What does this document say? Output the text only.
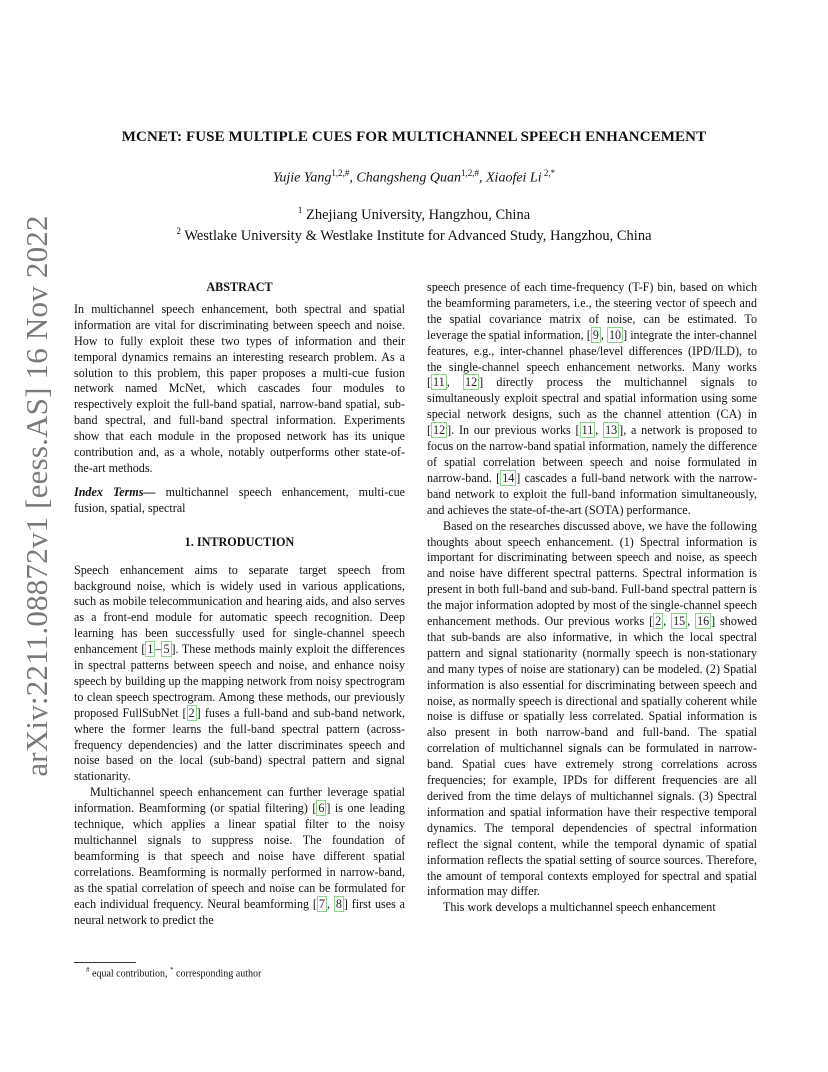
arXiv:2211.08872v1 [eess.AS] 16 Nov 2022
MCNET: FUSE MULTIPLE CUES FOR MULTICHANNEL SPEECH ENHANCEMENT
Yujie Yang$^{1,2,\#}$, Changsheng Quan$^{1,2,\#}$, Xiaofei Li $^{2,*}$
$^1$ Zhejiang University, Hangzhou, China
$^2$ Westlake University & Westlake Institute for Advanced Study, Hangzhou, China
ABSTRACT

In multichannel speech enhancement, both spectral and spatial information are vital for discriminating between speech and noise. How to fully exploit these two types of information and their temporal dynamics remains an interesting research problem. As a solution to this problem, this paper proposes a multi-cue fusion network named McNet, which cascades four modules to respectively exploit the full-band spatial, narrow-band spatial, sub-band spectral, and full-band spectral information. Experiments show that each module in the proposed network has its unique contribution and, as a whole, notably outperforms other state-of-the-art methods.

Index Terms— multichannel speech enhancement, multi-cue fusion, spatial, spectral

1. INTRODUCTION

Speech enhancement aims to separate target speech from background noise, which is widely used in various applications, such as mobile telecommunication and hearing aids, and also serves as a front-end module for automatic speech recognition. Deep learning has been successfully used for single-channel speech enhancement [ 1 – 5 ]. These methods mainly exploit the differences in spectral patterns between speech and noise, and enhance noisy speech by building up the mapping network from noisy spectrogram to clean speech spectrogram. Among these methods, our previously proposed FullSubNet [ 2 ] fuses a full-band and sub-band network, where the former learns the full-band spectral pattern (across-frequency dependencies) and the latter discriminates speech and noise based on the local (sub-band) spectral pattern and signal stationarity.

Multichannel speech enhancement can further leverage spatial information. Beamforming (or spatial filtering) [ 6 ] is one leading technique, which applies a linear spatial filter to the noisy multichannel signals to suppress noise. The foundation of beamforming is that speech and noise have different spatial correlations. Beamforming is normally performed in narrow-band, as the spatial correlation of speech and noise can be formulated for each individual frequency. Neural beamforming [ 7 , 8 ] first uses a neural network to predict the

speech presence of each time-frequency (T-F) bin, based on which the beamforming parameters, i.e., the steering vector of speech and the spatial covariance matrix of noise, can be estimated. To leverage the spatial information, [ 9 , 10 ] integrate the inter-channel features, e.g., inter-channel phase/level differences (IPD/ILD), to the single-channel speech enhancement networks. Many works [ 11 , 12 ] directly process the multichannel signals to simultaneously exploit spectral and spatial information using some special network designs, such as the channel attention (CA) in [ 12 ]. In our previous works [ 11 , 13 ], a network is proposed to focus on the narrow-band spatial information, namely the difference of spatial correlation between speech and noise formulated in narrow-band. [ 14 ] cascades a full-band network with the narrow-band network to exploit the full-band information simultaneously, and achieves the state-of-the-art (SOTA) performance.

Based on the researches discussed above, we have the following thoughts about speech enhancement. (1) Spectral information is important for discriminating between speech and noise, as speech and noise have different spectral patterns. Spectral information is present in both full-band and sub-band. Full-band spectral pattern is the major information adopted by most of the single-channel speech enhancement methods. Our previous works [ 2 , 15 , 16 ] showed that sub-bands are also informative, in which the local spectral pattern and signal stationarity (normally speech is non-stationary and many types of noise are stationary) can be modeled. (2) Spatial information is also essential for discriminating between speech and noise, as normally speech is directional and spatially coherent while noise is diffuse or spatially less correlated. Spatial information is also present in both narrow-band and full-band. The spatial correlation of multichannel signals can be formulated in narrow-band. Spatial cues have extremely strong correlations across frequencies; for example, IPDs for different frequencies are all derived from the time delays of multichannel signals. (3) Spectral information and spatial information have their respective temporal dynamics. The temporal dependencies of spectral information reflect the signal content, while the temporal dynamic of spatial information reflects the spatial setting of source sources. Therefore, the amount of temporal contexts employed for spectral and spatial information may differ.

This work develops a multichannel speech enhancement

# equal contribution, * corresponding author
